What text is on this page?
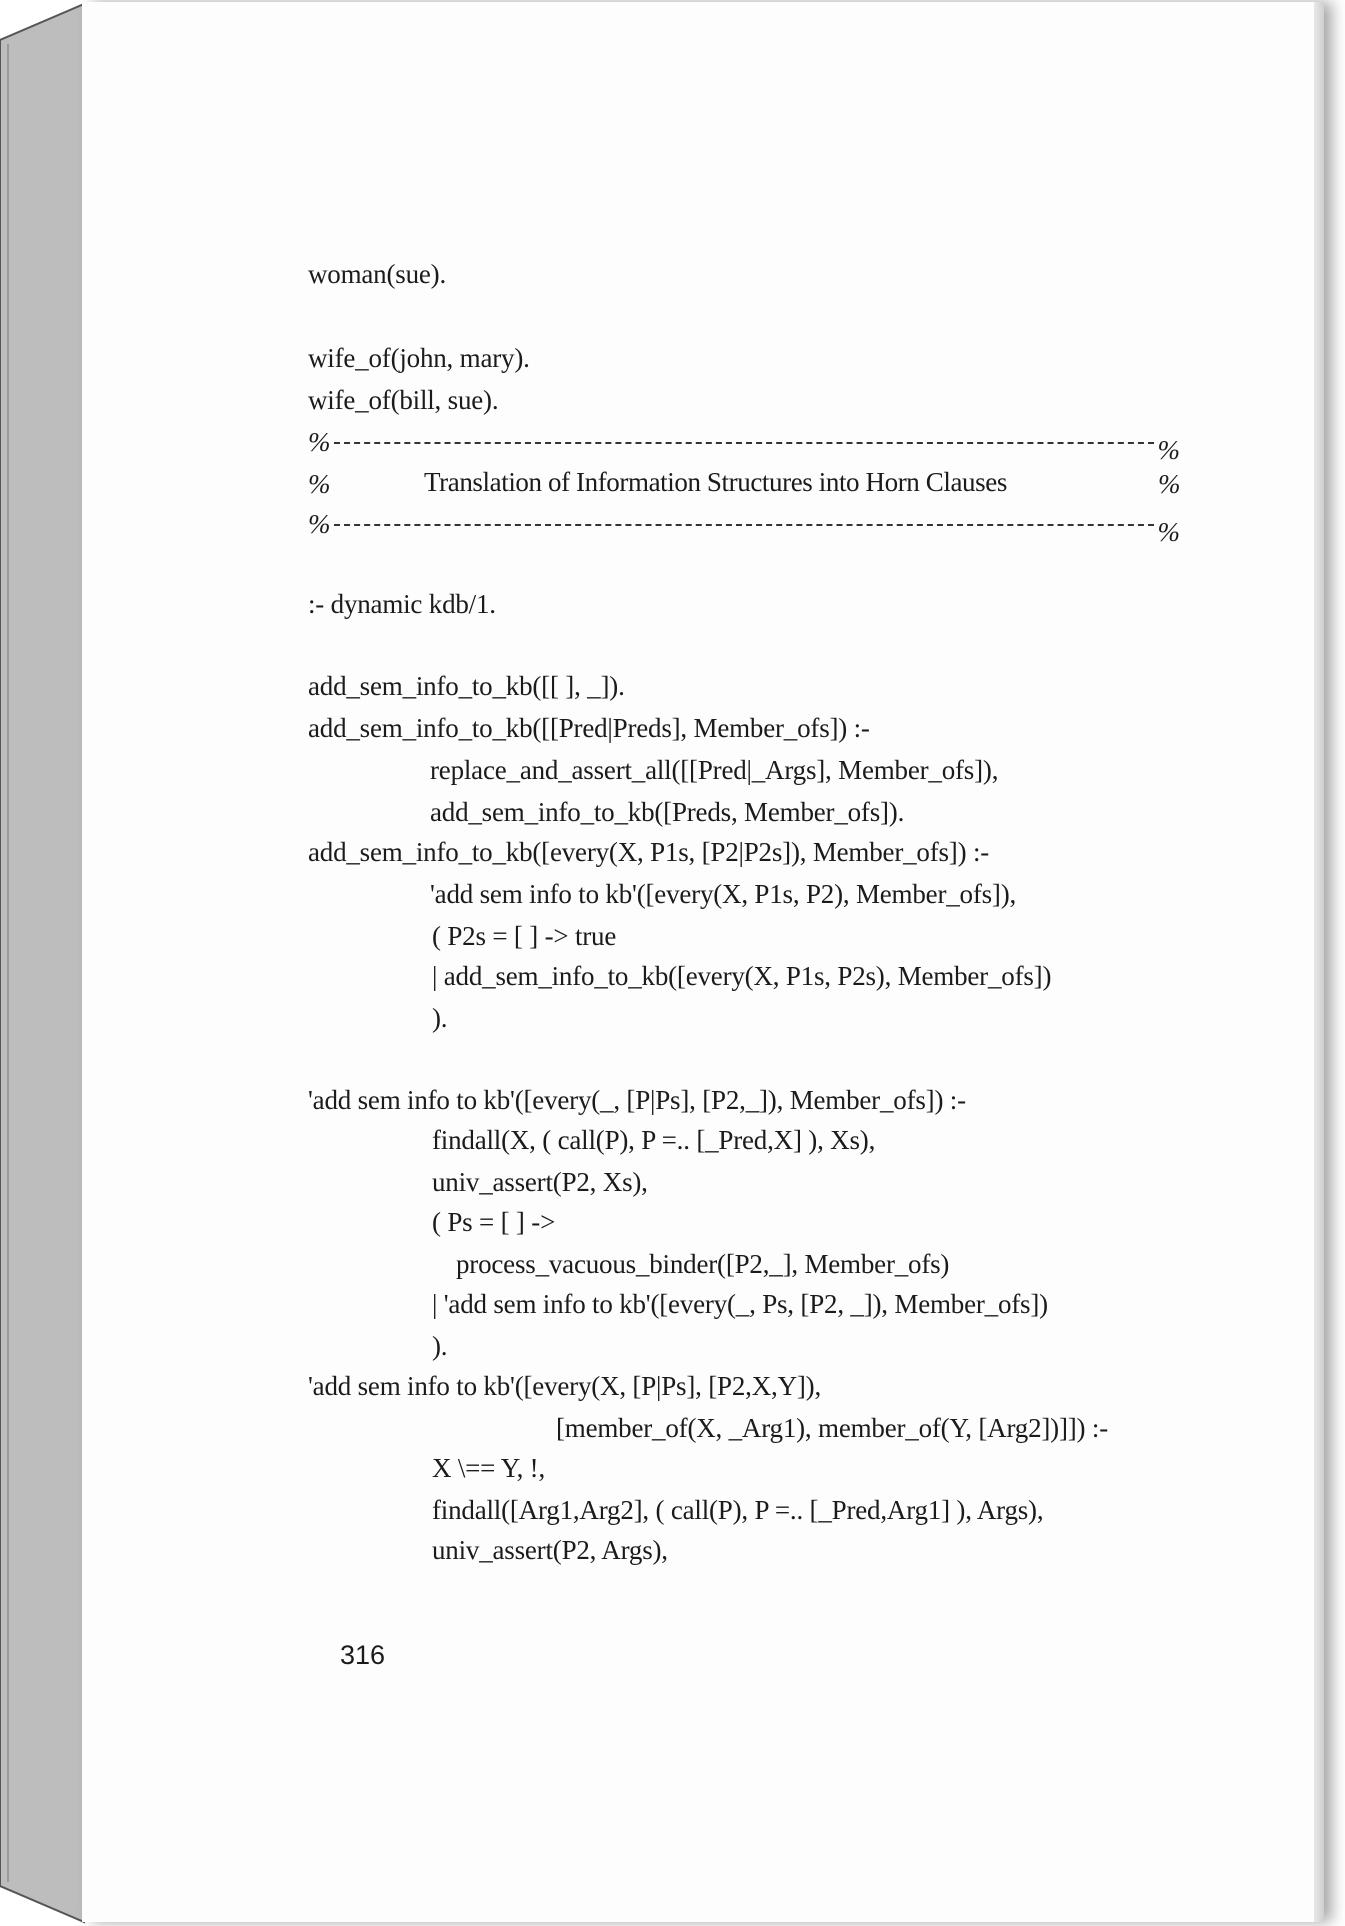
woman(sue).
wife_of(john, mary).
wife_of(bill, sue).
%	%
%	Translation of Information Structures into Horn Clauses	%
%	%
:- dynamic kdb/1.
add_sem_info_to_kb([[ ], _]).
add_sem_info_to_kb([[Pred|Preds], Member_ofs]) :-
replace_and_assert_all([[Pred|_Args], Member_ofs]),
add_sem_info_to_kb([Preds, Member_ofs]).
add_sem_info_to_kb([every(X, P1s, [P2|P2s]), Member_ofs]) :-
'add sem info to kb'([every(X, P1s, P2), Member_ofs]),
( P2s = [ ] -> true
| add_sem_info_to_kb([every(X, P1s, P2s), Member_ofs])
).
'add sem info to kb'([every(_, [P|Ps], [P2,_]), Member_ofs]) :-
findall(X, ( call(P), P =.. [_Pred,X] ), Xs),
univ_assert(P2, Xs),
( Ps = [ ] ->
process_vacuous_binder([P2,_], Member_ofs)
| 'add sem info to kb'([every(_, Ps, [P2, _]), Member_ofs])
).
'add sem info to kb'([every(X, [P|Ps], [P2,X,Y]),
[member_of(X, _Arg1), member_of(Y, [Arg2])]]) :-
X \== Y, !,
findall([Arg1,Arg2], ( call(P), P =.. [_Pred,Arg1] ), Args),
univ_assert(P2, Args),
316
